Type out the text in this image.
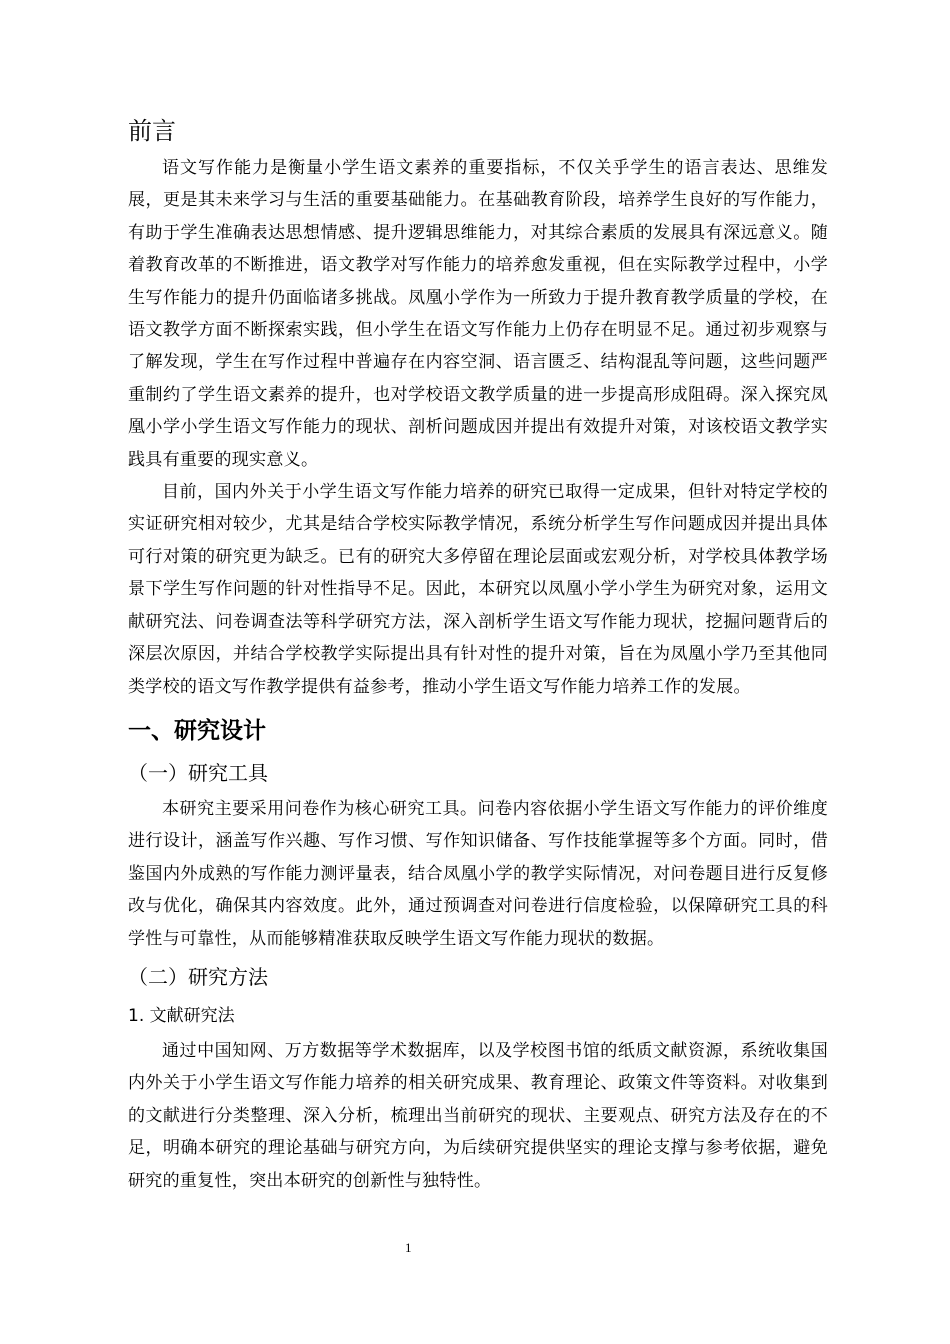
前言

语文写作能力是衡量小学生语文素养的重要指标，不仅关乎学生的语言表达、思维发展，更是其未来学习与生活的重要基础能力。在基础教育阶段，培养学生良好的写作能力，有助于学生准确表达思想情感、提升逻辑思维能力，对其综合素质的发展具有深远意义。随着教育改革的不断推进，语文教学对写作能力的培养愈发重视，但在实际教学过程中，小学生写作能力的提升仍面临诸多挑战。凤凰小学作为一所致力于提升教育教学质量的学校，在语文教学方面不断探索实践，但小学生在语文写作能力上仍存在明显不足。通过初步观察与了解发现，学生在写作过程中普遍存在内容空洞、语言匮乏、结构混乱等问题，这些问题严重制约了学生语文素养的提升，也对学校语文教学质量的进一步提高形成阻碍。深入探究凤凰小学小学生语文写作能力的现状、剖析问题成因并提出有效提升对策，对该校语文教学实践具有重要的现实意义。

目前，国内外关于小学生语文写作能力培养的研究已取得一定成果，但针对特定学校的实证研究相对较少，尤其是结合学校实际教学情况，系统分析学生写作问题成因并提出具体可行对策的研究更为缺乏。已有的研究大多停留在理论层面或宏观分析，对学校具体教学场景下学生写作问题的针对性指导不足。因此，本研究以凤凰小学小学生为研究对象，运用文献研究法、问卷调查法等科学研究方法，深入剖析学生语文写作能力现状，挖掘问题背后的深层次原因，并结合学校教学实际提出具有针对性的提升对策，旨在为凤凰小学乃至其他同类学校的语文写作教学提供有益参考，推动小学生语文写作能力培养工作的发展。

一、研究设计
（一）研究工具

本研究主要采用问卷作为核心研究工具。问卷内容依据小学生语文写作能力的评价维度进行设计，涵盖写作兴趣、写作习惯、写作知识储备、写作技能掌握等多个方面。同时，借鉴国内外成熟的写作能力测评量表，结合凤凰小学的教学实际情况，对问卷题目进行反复修改与优化，确保其内容效度。此外，通过预调查对问卷进行信度检验，以保障研究工具的科学性与可靠性，从而能够精准获取反映学生语文写作能力现状的数据。

（二）研究方法
1. 文献研究法

通过中国知网、万方数据等学术数据库，以及学校图书馆的纸质文献资源，系统收集国内外关于小学生语文写作能力培养的相关研究成果、教育理论、政策文件等资料。对收集到的文献进行分类整理、深入分析，梳理出当前研究的现状、主要观点、研究方法及存在的不足，明确本研究的理论基础与研究方向，为后续研究提供坚实的理论支撑与参考依据，避免研究的重复性，突出本研究的创新性与独特性。

1
